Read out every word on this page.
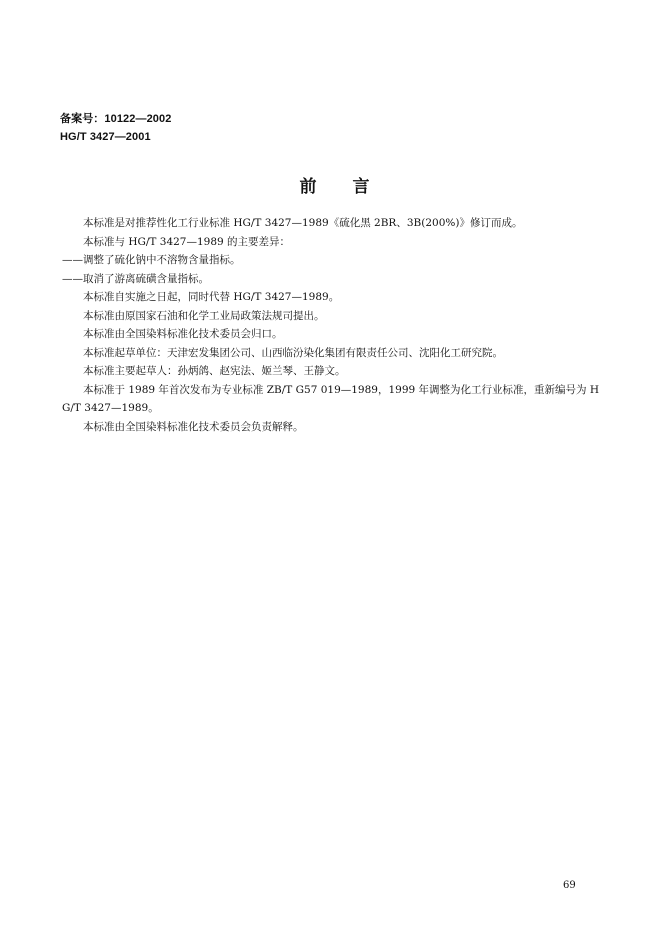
备案号：10122—2002
HG/T 3427—2001
前言

本标准是对推荐性化工行业标准 HG/T 3427—1989《硫化黑 2BR、3B(200%)》修订而成。

本标准与 HG/T 3427—1989 的主要差异：

——调整了硫化钠中不溶物含量指标。

——取消了游离硫磺含量指标。

本标准自实施之日起，同时代替 HG/T 3427—1989。

本标准由原国家石油和化学工业局政策法规司提出。

本标准由全国染料标准化技术委员会归口。

本标准起草单位：天津宏发集团公司、山西临汾染化集团有限责任公司、沈阳化工研究院。

本标准主要起草人：孙炳鸽、赵宪法、姬兰琴、王静文。

本标准于 1989 年首次发布为专业标准 ZB/T G57 019—1989，1999 年调整为化工行业标准，重新编号为 HG/T 3427—1989。

本标准由全国染料标准化技术委员会负责解释。

69
